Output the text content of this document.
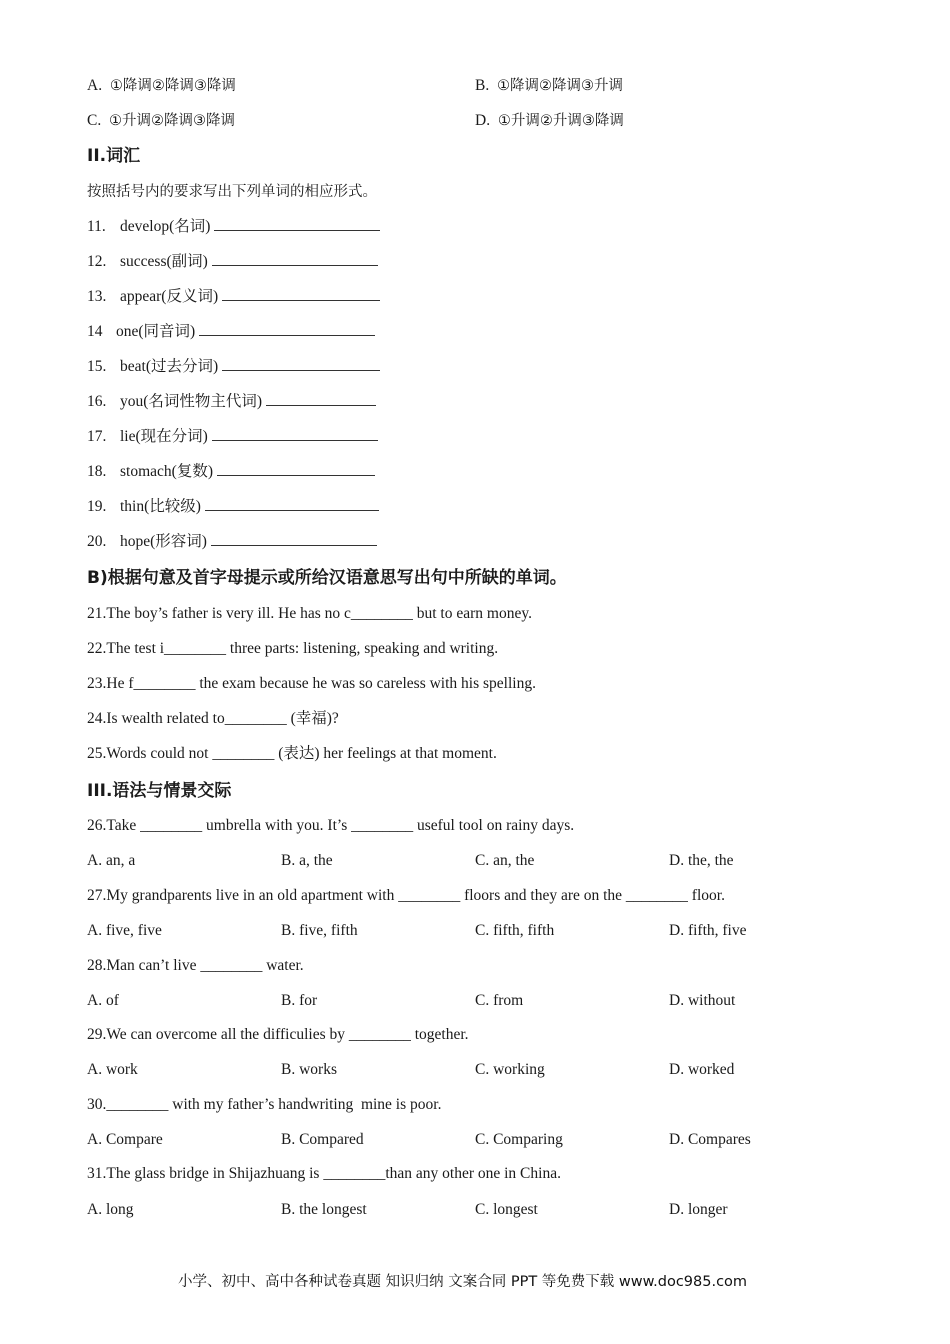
A. ①降调②降调③降调	B. ①降调②降调③升调
C. ①升调②降调③降调	D. ①升调②升调③降调
II.词汇
按照括号内的要求写出下列单词的相应形式。
11. develop(名词)
12. success(副词)
13. appear(反义词)
14 one(同音词)
15. beat(过去分词)
16. you(名词性物主代词)
17. lie(现在分词)
18. stomach(复数)
19. thin(比较级)
20. hope(形容词)
B)根据句意及首字母提示或所给汉语意思写出句中所缺的单词。
21.The boy’s father is very ill. He has no c________ but to earn money.
22.The test i________ three parts: listening, speaking and writing.
23.He f________ the exam because he was so careless with his spelling.
24.Is wealth related to________ (幸福)?
25.Words could not ________ (表达) her feelings at that moment.
III.语法与情景交际
26.Take ________ umbrella with you. It’s ________ useful tool on rainy days.
A. an, a	B. a, the	C. an, the	D. the, the
27.My grandparents live in an old apartment with ________ floors and they are on the ________ floor.
A. five, five	B. five, fifth	C. fifth, fifth	D. fifth, five
28.Man can’t live ________ water.
A. of	B. for	C. from	D. without
29.We can overcome all the difficulies by ________ together.
A. work	B. works	C. working	D. worked
30.________ with my father’s handwriting  mine is poor.
A. Compare	B. Compared	C. Comparing	D. Compares
31.The glass bridge in Shijazhuang is ________than any other one in China.
A. long	B. the longest	C. longest	D. longer
小学、初中、高中各种试卷真题 知识归纳 文案合同 PPT 等免费下载 www.doc985.com
